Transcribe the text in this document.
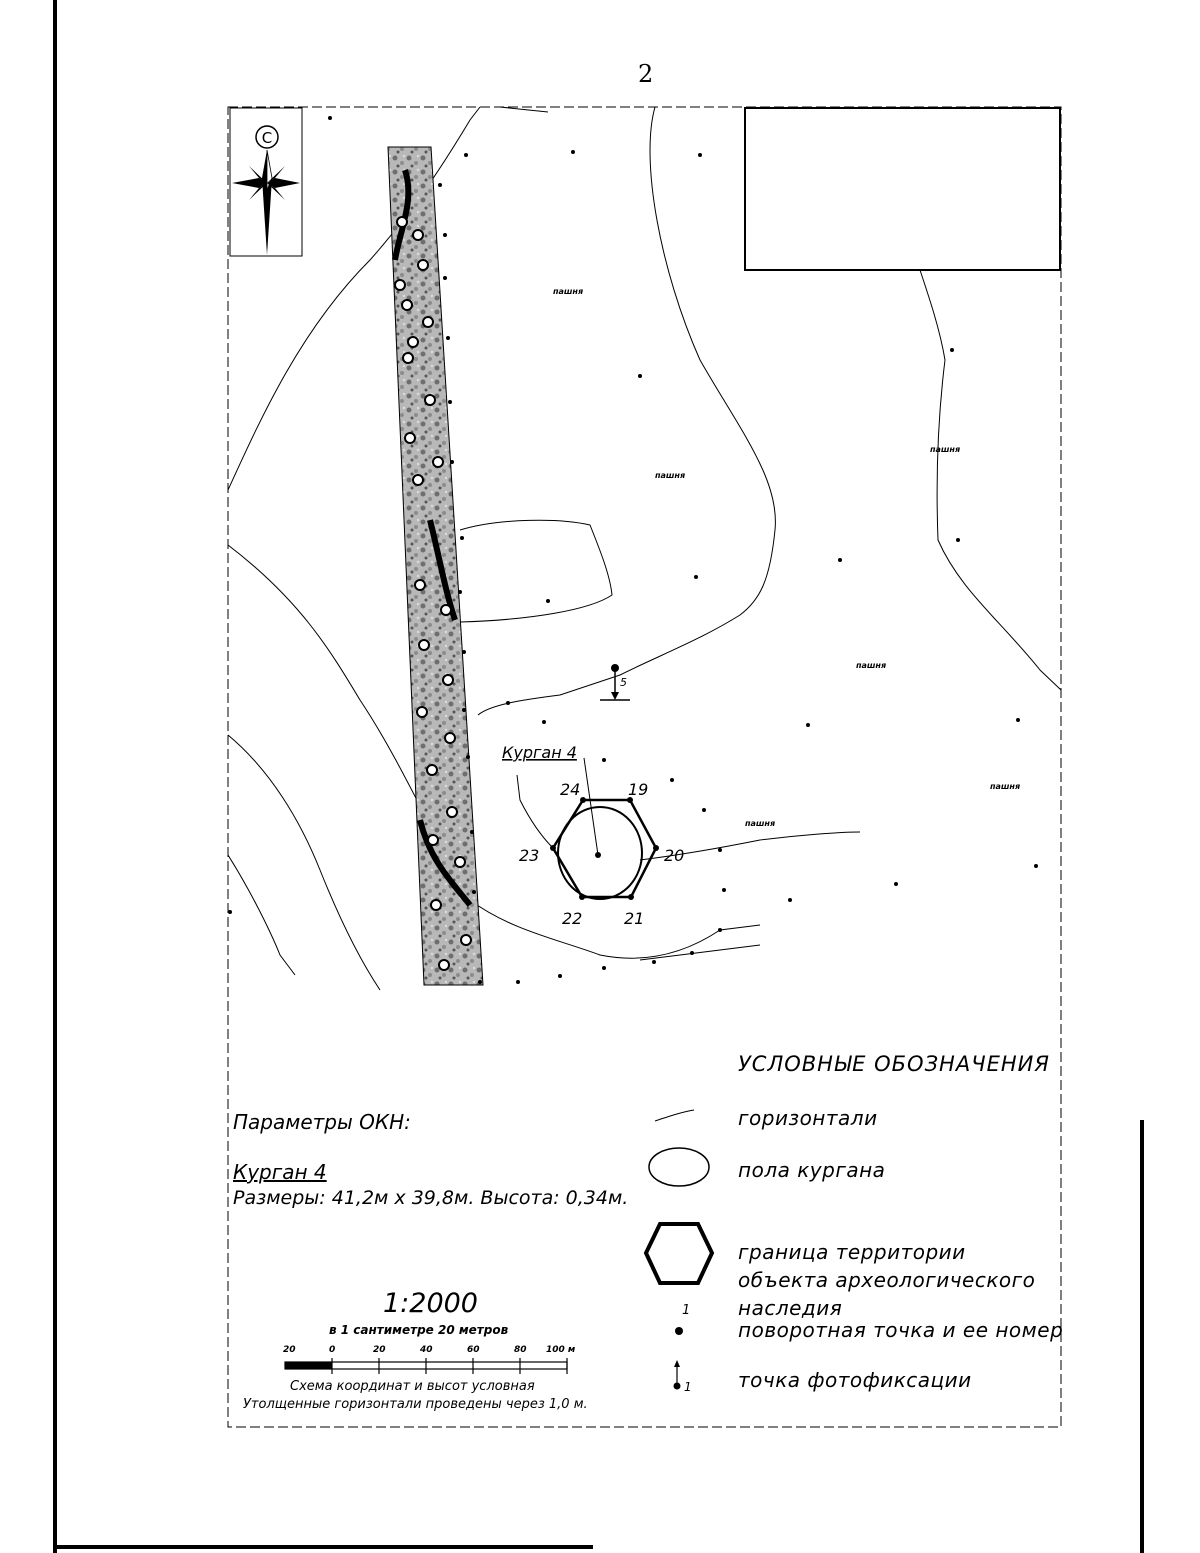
2
С
пашня
пашня
пашня
пашня
пашня
пашня
5
Курган 4
24	19
20
21
22
23
1
1
УСЛОВНЫЕ ОБОЗНАЧЕНИЯ
горизонтали
пола кургана
граница территории объекта археологического наследия
поворотная точка и ее номер
точка фотофиксации
Параметры ОКН:
Курган 4
Размеры: 41,2м х 39,8м. Высота: 0,34м.
1:2000
в 1 сантиметре 20 метров
20	0	20	40	60	80 100 м
Схема координат и высот условная
Утолщенные горизонтали проведены через 1,0 м.
